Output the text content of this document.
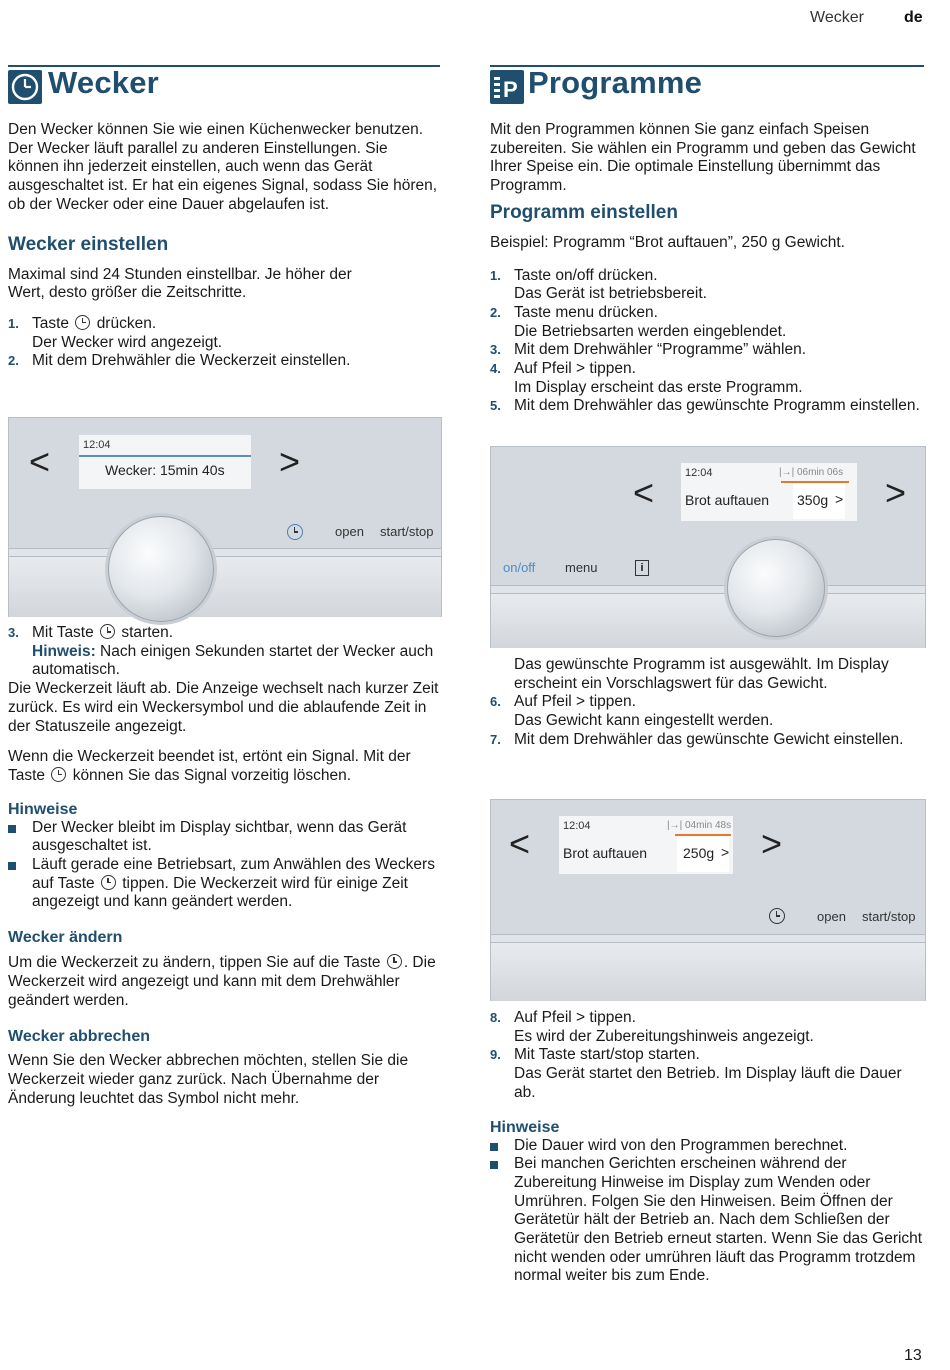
Wecker	de
Wecker

Den Wecker können Sie wie einen Küchenwecker benutzen. Der Wecker läuft parallel zu anderen Einstellungen. Sie können ihn jederzeit einstellen, auch wenn das Gerät ausgeschaltet ist. Er hat ein eigenes Signal, sodass Sie hören, ob der Wecker oder eine Dauer abgelaufen ist.

Wecker einstellen

Maximal sind 24 Stunden einstellbar. Je höher der Wert, desto größer die Zeitschritte.

1. Taste drücken.
Der Wecker wird angezeigt.
2. Mit dem Drehwähler die Weckerzeit einstellen.
<	12:04
Wecker: 15min 40s >
open start/stop
3. Mit Taste starten.
Hinweis: Nach einigen Sekunden startet der Wecker auch automatisch.

Die Weckerzeit läuft ab. Die Anzeige wechselt nach kurzer Zeit zurück. Es wird ein Weckersymbol und die ablaufende Zeit in der Statuszeile angezeigt.

Wenn die Weckerzeit beendet ist, ertönt ein Signal. Mit der Taste können Sie das Signal vorzeitig löschen.

Hinweise
Der Wecker bleibt im Display sichtbar, wenn das Gerät ausgeschaltet ist.
Läuft gerade eine Betriebsart, zum Anwählen des Weckers auf Taste tippen. Die Weckerzeit wird für einige Zeit angezeigt und kann geändert werden.
Wecker ändern

Um die Weckerzeit zu ändern, tippen Sie auf die Taste . Die Weckerzeit wird angezeigt und kann mit dem Drehwähler geändert werden.

Wecker abbrechen

Wenn Sie den Wecker abbrechen möchten, stellen Sie die Weckerzeit wieder ganz zurück. Nach Übernahme der Änderung leuchtet das Symbol nicht mehr.

P Programme

Mit den Programmen können Sie ganz einfach Speisen zubereiten. Sie wählen ein Programm und geben das Gewicht Ihrer Speise ein. Die optimale Einstellung übernimmt das Programm.

Programm einstellen

Beispiel: Programm “Brot auftauen”, 250 g Gewicht.

1. Taste on/off drücken.
Das Gerät ist betriebsbereit.
2. Taste menu drücken.
Die Betriebsarten werden eingeblendet.
3. Mit dem Drehwähler “Programme” wählen.
4. Auf Pfeil > tippen.
Im Display erscheint das erste Programm.
5. Mit dem Drehwähler das gewünschte Programm einstellen.
<	12:04	|→| 06min 06s
Brot auftauen 350g > >
on/off menu	i

Das gewünschte Programm ist ausgewählt. Im Display erscheint ein Vorschlagswert für das Gewicht.

6. Auf Pfeil > tippen.
Das Gewicht kann eingestellt werden.
7. Mit dem Drehwähler das gewünschte Gewicht einstellen.
<	12:04	|→| 04min 48s
Brot auftauen	250g > >
open start/stop
8. Auf Pfeil > tippen.
Es wird der Zubereitungshinweis angezeigt.
9. Mit Taste start/stop starten.
Das Gerät startet den Betrieb. Im Display läuft die Dauer ab.
Hinweise
Die Dauer wird von den Programmen berechnet.
Bei manchen Gerichten erscheinen während der Zubereitung Hinweise im Display zum Wenden oder Umrühren. Folgen Sie den Hinweisen. Beim Öffnen der Gerätetür hält der Betrieb an. Nach dem Schließen der Gerätetür den Betrieb erneut starten. Wenn Sie das Gericht nicht wenden oder umrühren läuft das Programm trotzdem normal weiter bis zum Ende.
13
